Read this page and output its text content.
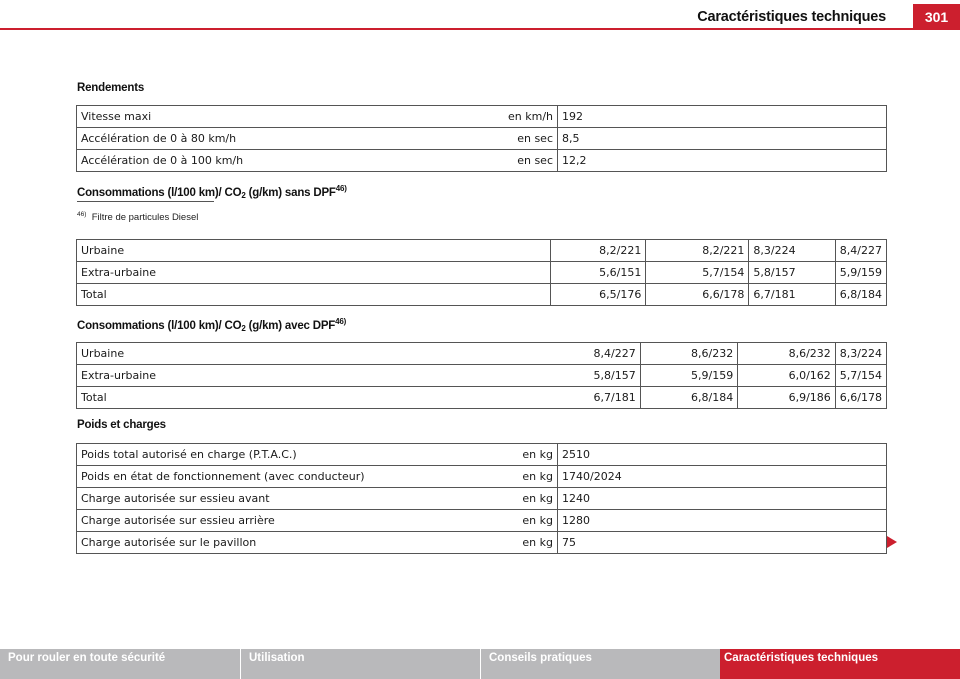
Caractéristiques techniques	301
Rendements
Vitesse maxi	en km/h	192
Accélération de 0 à 80 km/h	en sec	8,5
Accélération de 0 à 100 km/h	en sec	12,2
Consommations (l/100 km)/ $CO_2$ (g/km) sans DPF$^{46)}$
$^{46)}$ Filtre de particules Diesel
Urbaine	8,2/221	8,2/221	8,3/224	8,4/227
Extra-urbaine	5,6/151	5,7/154	5,8/157	5,9/159
Total	6,5/176	6,6/178	6,7/181	6,8/184
Consommations (l/100 km)/ $CO_2$ (g/km) avec DPF$^{46)}$
Urbaine	8,4/227	8,6/232	8,6/232	8,3/224
Extra-urbaine	5,8/157	5,9/159	6,0/162	5,7/154
Total	6,7/181	6,8/184	6,9/186	6,6/178
Poids et charges
Poids total autorisé en charge (P.T.A.C.)	en kg	2510
Poids en état de fonctionnement (avec conducteur)	en kg	1740/2024
Charge autorisée sur essieu avant	en kg	1240
Charge autorisée sur essieu arrière	en kg	1280
Charge autorisée sur le pavillon	en kg	75
Pour rouler en toute sécurité	Utilisation	Conseils pratiques	Caractéristiques techniques
